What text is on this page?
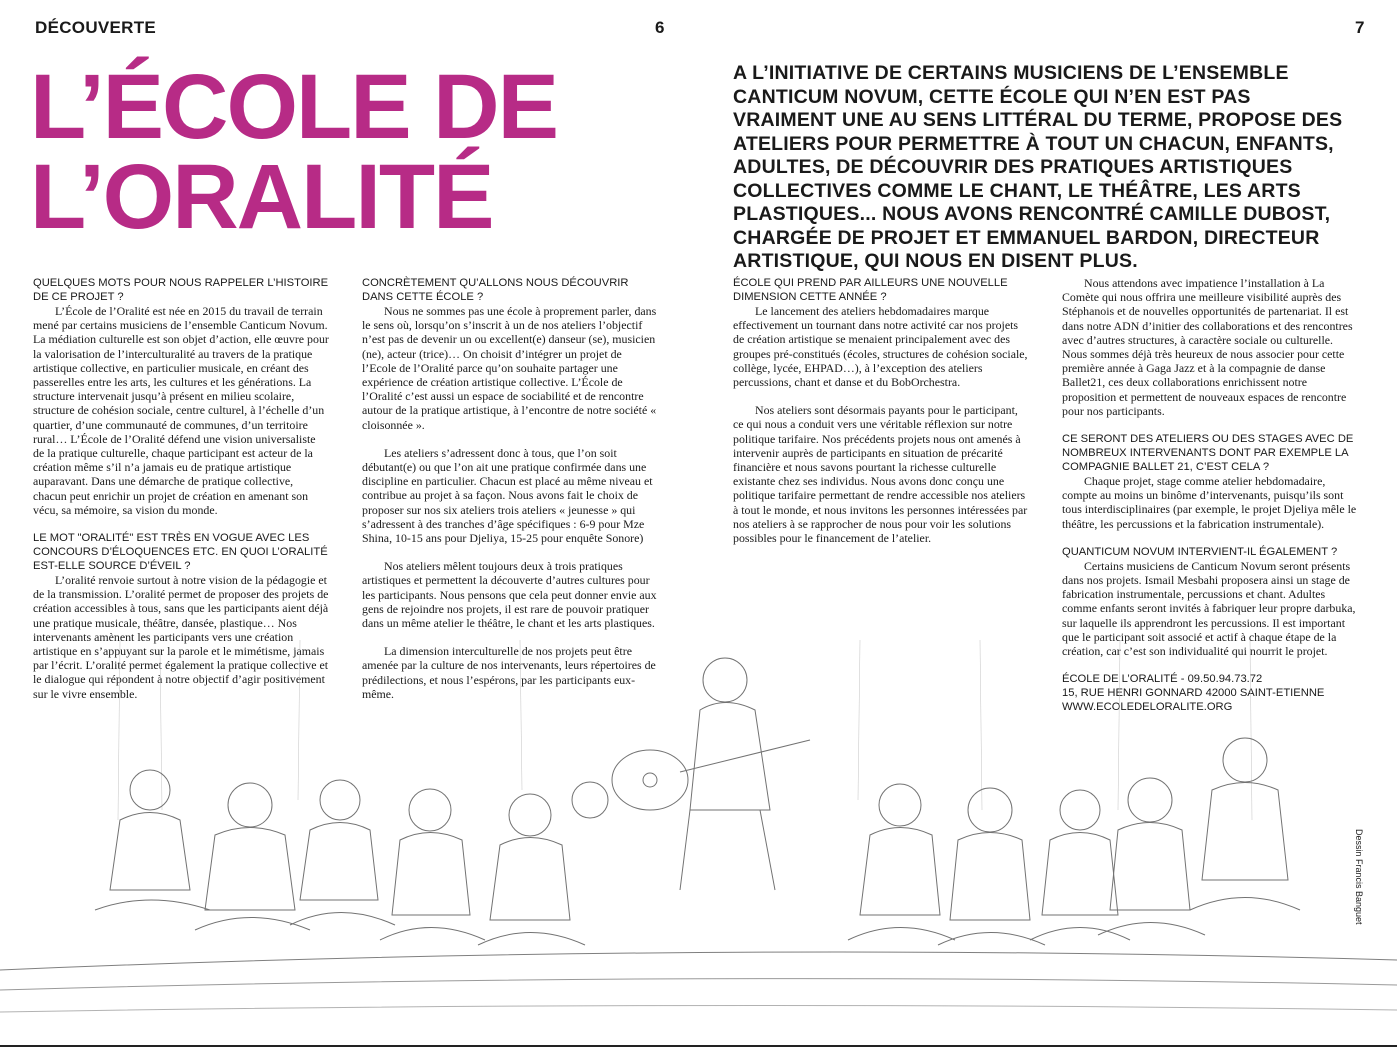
DÉCOUVERTE	6	7
L’ÉCOLE DE
L’ORALITÉ
A L’INITIATIVE DE CERTAINS MUSICIENS DE L’ENSEMBLE CANTICUM NOVUM, CETTE ÉCOLE QUI N’EN EST PAS VRAIMENT UNE AU SENS LITTÉRAL DU TERME, PROPOSE DES ATELIERS POUR PERMETTRE À TOUT UN CHACUN, ENFANTS, ADULTES, DE DÉCOUVRIR DES PRATIQUES ARTISTIQUES COLLECTIVES COMME LE CHANT, LE THÉÂTRE, LES ARTS PLASTIQUES... NOUS AVONS RENCONTRÉ CAMILLE DUBOST, CHARGÉE DE PROJET ET EMMANUEL BARDON, DIRECTEUR ARTISTIQUE, QUI NOUS EN DISENT PLUS.

QUELQUES MOTS POUR NOUS RAPPELER L’HISTOIRE DE CE PROJET ?

L’École de l’Oralité est née en 2015 du travail de terrain mené par certains musiciens de l’ensemble Canticum Novum. La médiation culturelle est son objet d’action, elle œuvre pour la valorisation de l’interculturalité au travers de la pratique artistique collective, en particulier musicale, en créant des passerelles entre les arts, les cultures et les générations. La structure intervenait jusqu’à présent en milieu scolaire, structure de cohésion sociale, centre culturel, à l’échelle d’un quartier, d’une communauté de communes, d’un territoire rural… L’École de l’Oralité défend une vision universaliste de la pratique culturelle, chaque participant est acteur de la création même s’il n’a jamais eu de pratique artistique auparavant. Dans une démarche de pratique collective, chacun peut enrichir un projet de création en amenant son vécu, sa mémoire, sa vision du monde.

LE MOT "ORALITÉ" EST TRÈS EN VOGUE AVEC LES CONCOURS D’ÉLOQUENCES ETC. EN QUOI L’ORALITÉ EST-ELLE SOURCE D’ÉVEIL ?

L’oralité renvoie surtout à notre vision de la pédagogie et de la transmission. L’oralité permet de proposer des projets de création accessibles à tous, sans que les participants aient déjà une pratique musicale, théâtre, dansée, plastique… Nos intervenants amènent les participants vers une création artistique en s’appuyant sur la parole et le mimétisme, jamais par l’écrit. L’oralité permet également la pratique collective et le dialogue qui répondent à notre objectif d’agir positivement sur le vivre ensemble.

CONCRÈTEMENT QU’ALLONS NOUS DÉCOUVRIR DANS CETTE ÉCOLE ?

Nous ne sommes pas une école à proprement parler, dans le sens où, lorsqu’on s’inscrit à un de nos ateliers l’objectif n’est pas de devenir un ou excellent(e) danseur (se), musicien (ne), acteur (trice)… On choisit d’intégrer un projet de l’Ecole de l’Oralité parce qu’on souhaite partager une expérience de création artistique collective. L’École de l’Oralité c’est aussi un espace de sociabilité et de rencontre autour de la pratique artistique, à l’encontre de notre société « cloisonnée ».

Les ateliers s’adressent donc à tous, que l’on soit débutant(e) ou que l’on ait une pratique confirmée dans une discipline en particulier. Chacun est placé au même niveau et contribue au projet à sa façon. Nous avons fait le choix de proposer sur nos six ateliers trois ateliers « jeunesse » qui s’adressent à des tranches d’âge spécifiques : 6-9 pour Mze Shina, 10-15 ans pour Djeliya, 15-25 pour enquête Sonore)

Nos ateliers mêlent toujours deux à trois pratiques artistiques et permettent la découverte d’autres cultures pour les participants. Nous pensons que cela peut donner envie aux gens de rejoindre nos projets, il est rare de pouvoir pratiquer dans un même atelier le théâtre, le chant et les arts plastiques.

La dimension interculturelle de nos projets peut être amenée par la culture de nos intervenants, leurs répertoires de prédilections, et nous l’espérons, par les participants eux-même.

ÉCOLE QUI PREND PAR AILLEURS UNE NOUVELLE DIMENSION CETTE ANNÉE ?

Le lancement des ateliers hebdomadaires marque effectivement un tournant dans notre activité car nos projets de création artistique se menaient principalement avec des groupes pré-constitués (écoles, structures de cohésion sociale, collège, lycée, EHPAD…), à l’exception des ateliers percussions, chant et danse et du BobOrchestra.

Nos ateliers sont désormais payants pour le participant, ce qui nous a conduit vers une véritable réflexion sur notre politique tarifaire. Nos précédents projets nous ont amenés à intervenir auprès de participants en situation de précarité financière et nous savons pourtant la richesse culturelle existante chez ses individus. Nous avons donc conçu une politique tarifaire permettant de rendre accessible nos ateliers à tout le monde, et nous invitons les personnes intéressées par nos ateliers à se rapprocher de nous pour voir les solutions possibles pour le financement de l’atelier.

Nous attendons avec impatience l’installation à La Comète qui nous offrira une meilleure visibilité auprès des Stéphanois et de nouvelles opportunités de partenariat. Il est dans notre ADN d’initier des collaborations et des rencontres avec d’autres structures, à caractère sociale ou culturelle. Nous sommes déjà très heureux de nous associer pour cette première année à Gaga Jazz et à la compagnie de danse Ballet21, ces deux collaborations enrichissent notre proposition et permettent de nouveaux espaces de rencontre pour nos participants.

CE SERONT DES ATELIERS OU DES STAGES AVEC DE NOMBREUX INTERVENANTS DONT PAR EXEMPLE LA COMPAGNIE BALLET 21, C’EST CELA ?

Chaque projet, stage comme atelier hebdomadaire, compte au moins un binôme d’intervenants, puisqu’ils sont tous interdisciplinaires (par exemple, le projet Djeliya mêle le théâtre, les percussions et la fabrication instrumentale).

QUANTICUM NOVUM INTERVIENT-IL ÉGALEMENT ?

Certains musiciens de Canticum Novum seront présents dans nos projets. Ismail Mesbahi proposera ainsi un stage de fabrication instrumentale, percussions et chant. Adultes comme enfants seront invités à fabriquer leur propre darbuka, sur laquelle ils apprendront les percussions. Il est important que le participant soit associé et actif à chaque étape de la création, car c’est son individualité qui nourrit le projet.

ÉCOLE DE L’ORALITÉ - 09.50.94.73.72

15, RUE HENRI GONNARD 42000 SAINT-ETIENNE

WWW.ECOLEDELORALITE.ORG

Dessin Francis Banguet
